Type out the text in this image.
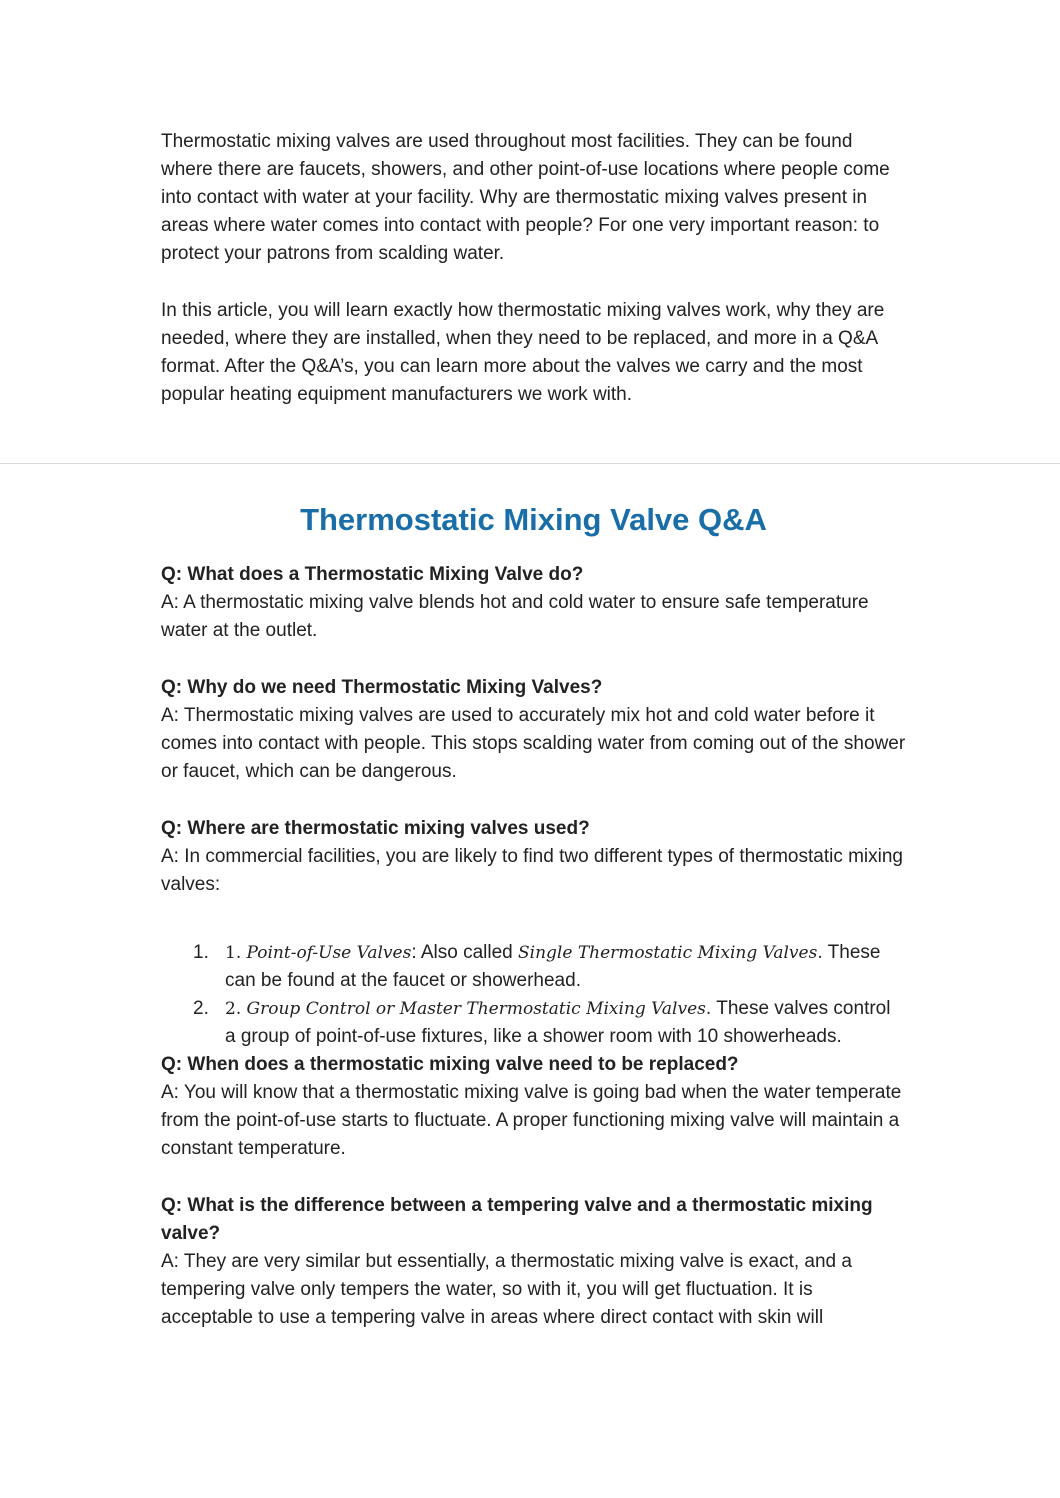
Thermostatic mixing valves are used throughout most facilities. They can be found where there are faucets, showers, and other point-of-use locations where people come into contact with water at your facility. Why are thermostatic mixing valves present in areas where water comes into contact with people? For one very important reason: to protect your patrons from scalding water.

In this article, you will learn exactly how thermostatic mixing valves work, why they are needed, where they are installed, when they need to be replaced, and more in a Q&A format. After the Q&A’s, you can learn more about the valves we carry and the most popular heating equipment manufacturers we work with.

Thermostatic Mixing Valve Q&A
Q: What does a Thermostatic Mixing Valve do?

A: A thermostatic mixing valve blends hot and cold water to ensure safe temperature water at the outlet.

Q: Why do we need Thermostatic Mixing Valves?

A: Thermostatic mixing valves are used to accurately mix hot and cold water before it comes into contact with people. This stops scalding water from coming out of the shower or faucet, which can be dangerous.

Q: Where are thermostatic mixing valves used?

A: In commercial facilities, you are likely to find two different types of thermostatic mixing valves:

1. 1. Point-of-Use Valves: Also called Single Thermostatic Mixing Valves. These can be found at the faucet or showerhead.
2. 2. Group Control or Master Thermostatic Mixing Valves. These valves control a group of point-of-use fixtures, like a shower room with 10 showerheads.
Q: When does a thermostatic mixing valve need to be replaced?

A: You will know that a thermostatic mixing valve is going bad when the water temperate from the point-of-use starts to fluctuate. A proper functioning mixing valve will maintain a constant temperature.

Q: What is the difference between a tempering valve and a thermostatic mixing valve?

A: They are very similar but essentially, a thermostatic mixing valve is exact, and a tempering valve only tempers the water, so with it, you will get fluctuation. It is acceptable to use a tempering valve in areas where direct contact with skin will
